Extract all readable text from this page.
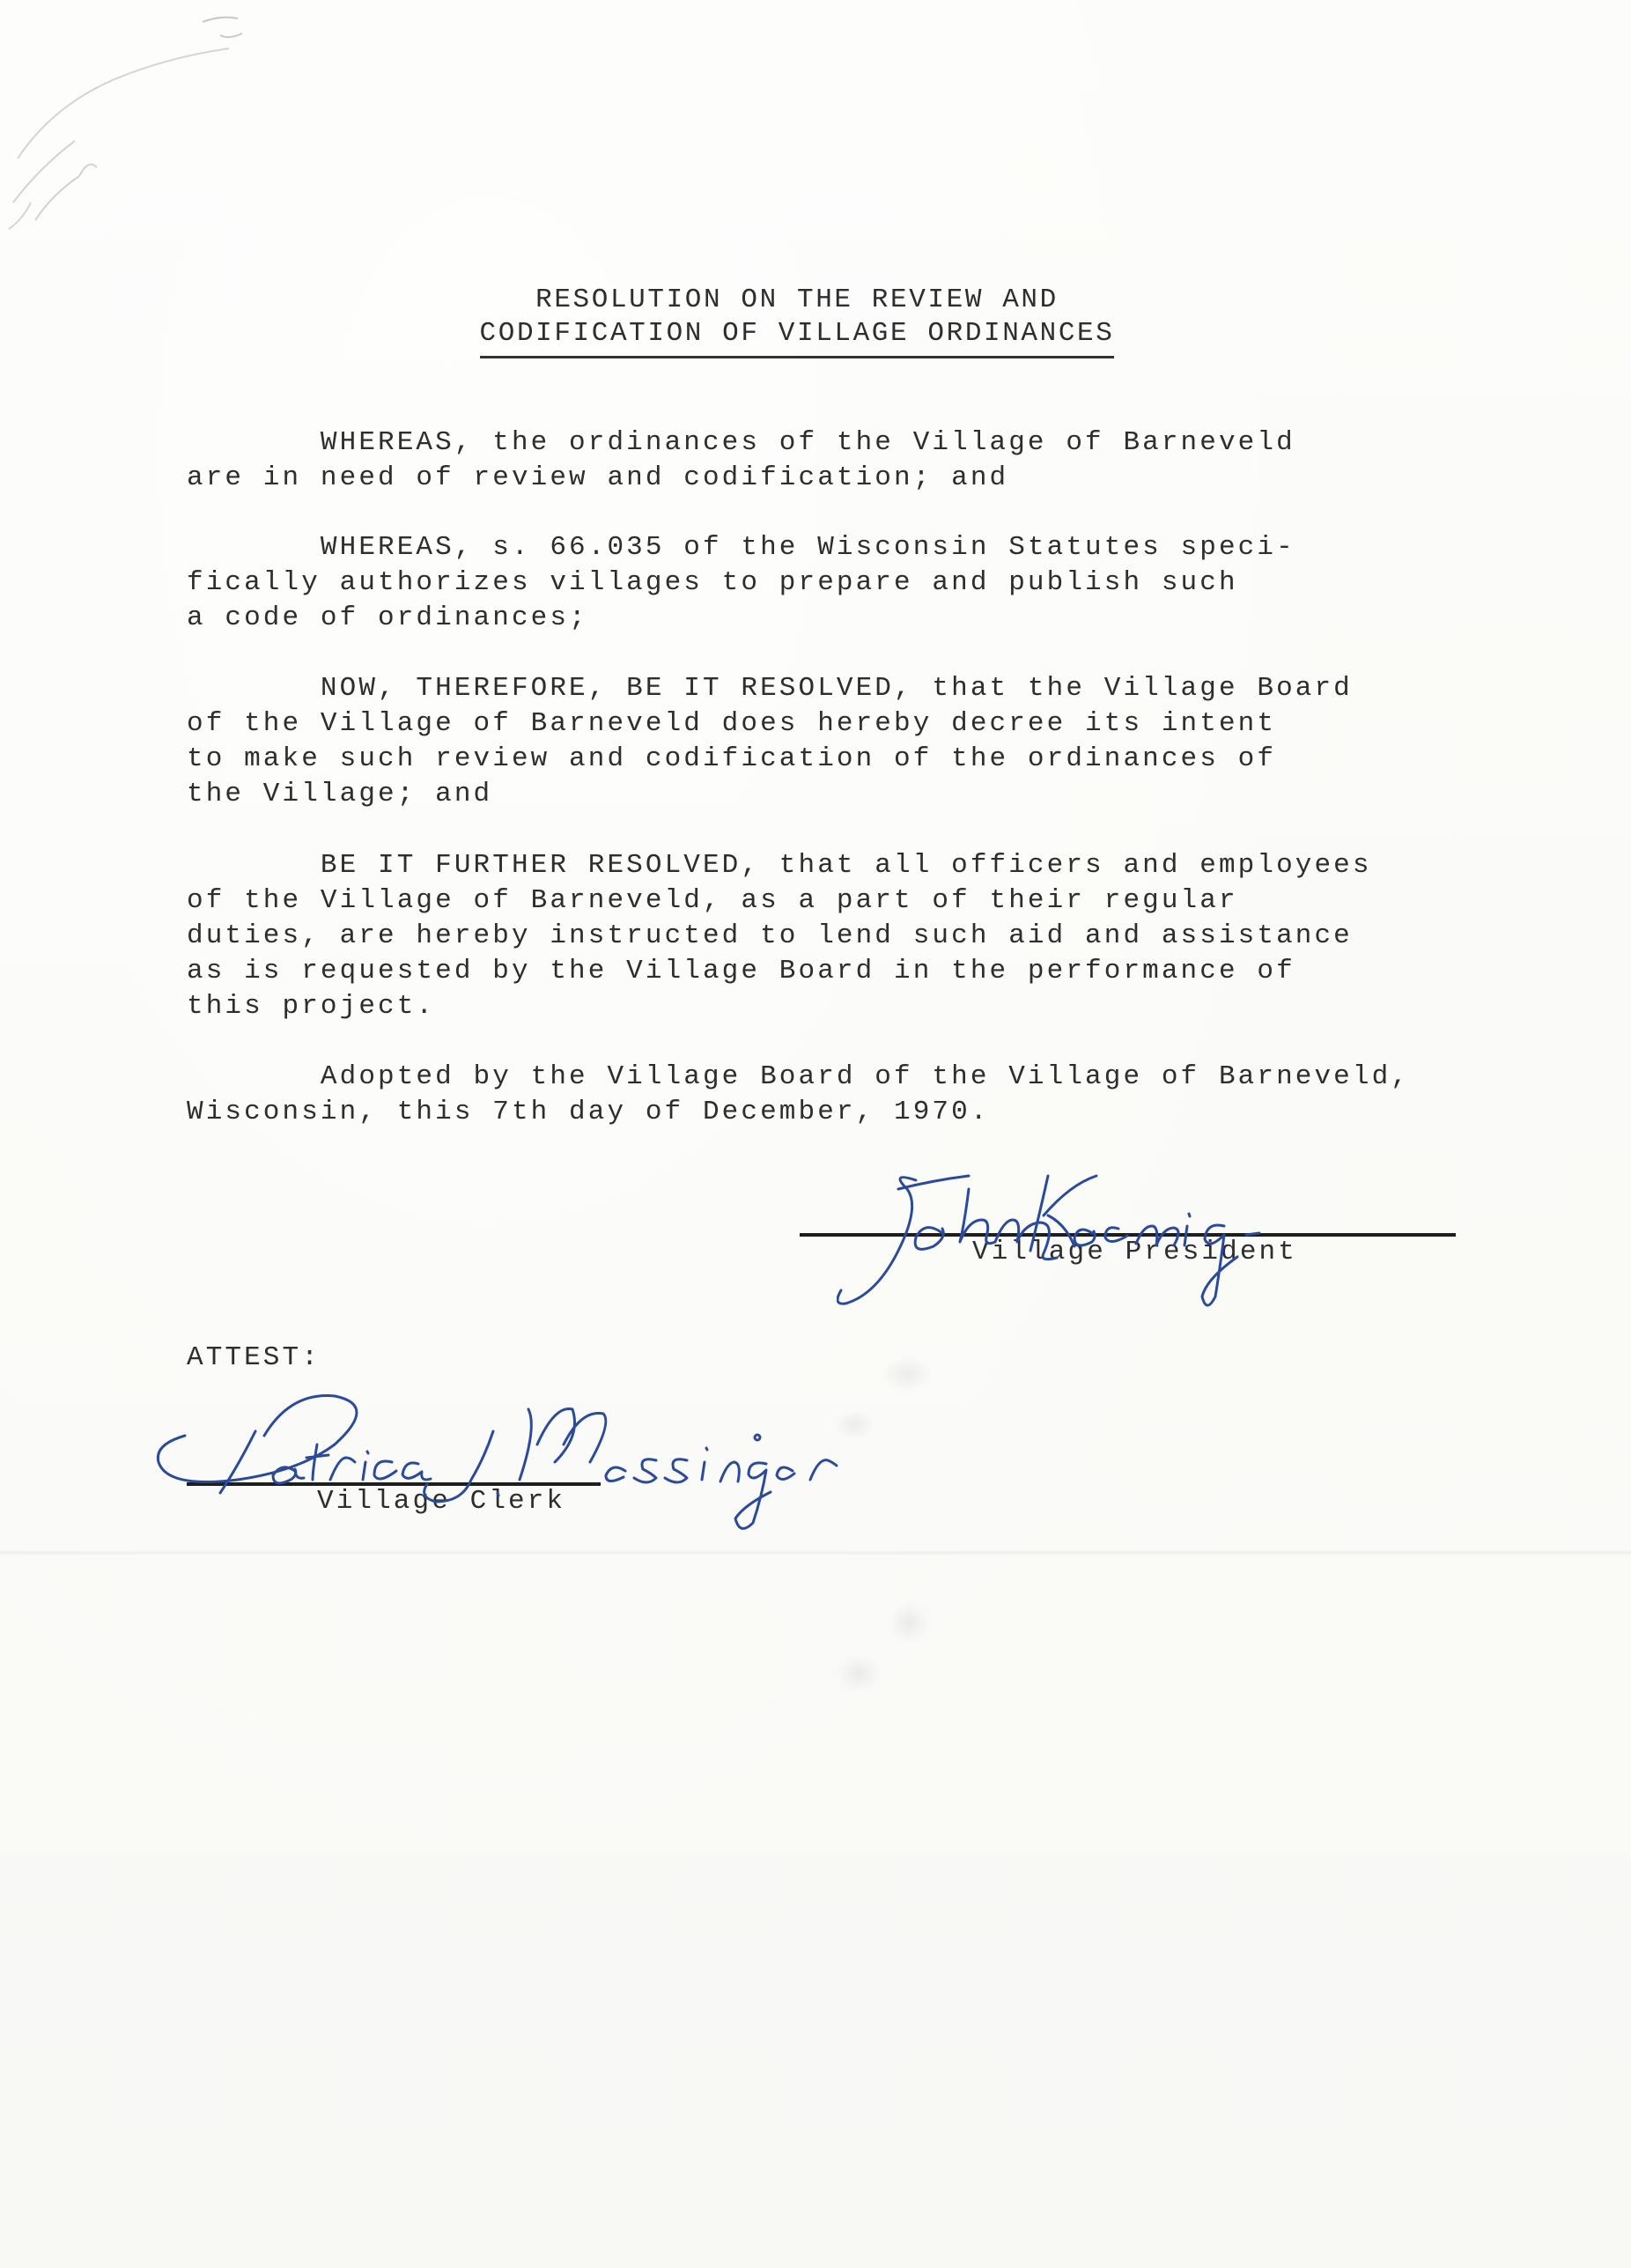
RESOLUTION ON THE REVIEW AND
CODIFICATION OF VILLAGE ORDINANCES
WHEREAS, the ordinances of the Village of Barneveld
are in need of review and codification; and
WHEREAS, s. 66.035 of the Wisconsin Statutes speci-
fically authorizes villages to prepare and publish such
a code of ordinances;
NOW, THEREFORE, BE IT RESOLVED, that the Village Board
of the Village of Barneveld does hereby decree its intent
to make such review and codification of the ordinances of
the Village; and
BE IT FURTHER RESOLVED, that all officers and employees
of the Village of Barneveld, as a part of their regular
duties, are hereby instructed to lend such aid and assistance
as is requested by the Village Board in the performance of
this project.
Adopted by the Village Board of the Village of Barneveld,
Wisconsin, this 7th day of December, 1970.
Village President
ATTEST:
Village Clerk
